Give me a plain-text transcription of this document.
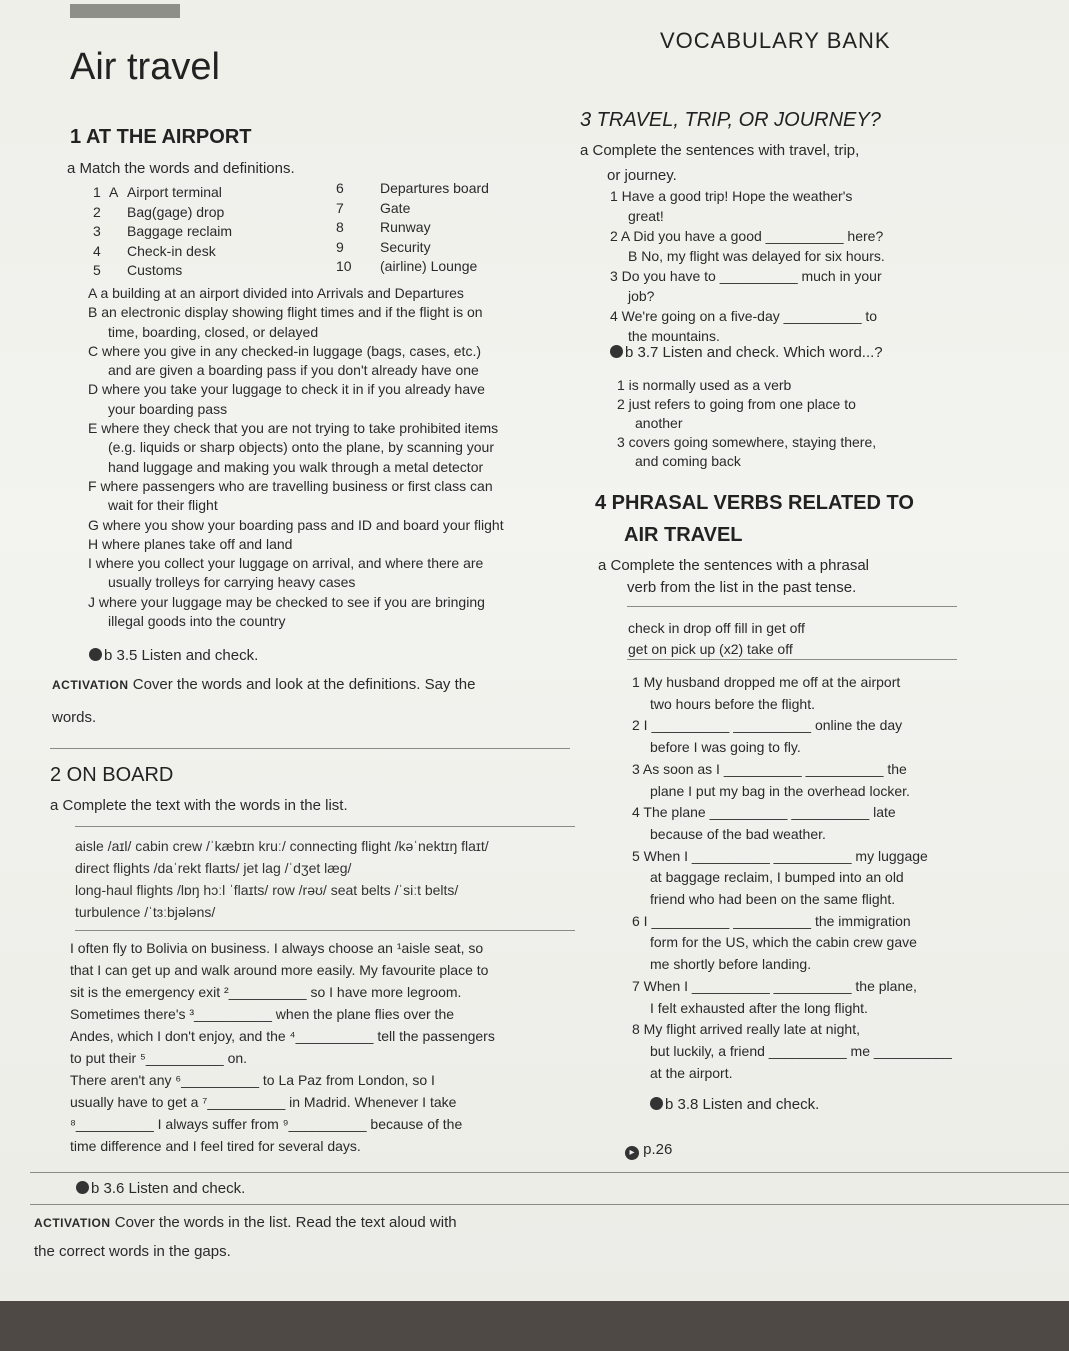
VOCABULARY BANK
Air travel
1 AT THE AIRPORT
a Match the words and definitions.
1 A Airport terminal
2 Bag(gage) drop
3 Baggage reclaim
4 Check-in desk
5 Customs
6	Departures board
7	Gate
8	Runway
9	Security
10 (airline) Lounge
A a building at an airport divided into Arrivals and Departures
B an electronic display showing flight times and if the flight is on
time, boarding, closed, or delayed
C where you give in any checked-in luggage (bags, cases, etc.)
and are given a boarding pass if you don't already have one
D where you take your luggage to check it in if you already have
your boarding pass
E where they check that you are not trying to take prohibited items
(e.g. liquids or sharp objects) onto the plane, by scanning your
hand luggage and making you walk through a metal detector
F where passengers who are travelling business or first class can
wait for their flight
G where you show your boarding pass and ID and board your flight
H where planes take off and land
I where you collect your luggage on arrival, and where there are
usually trolleys for carrying heavy cases
J where your luggage may be checked to see if you are bringing
illegal goods into the country
b 3.5 Listen and check.
ACTIVATION Cover the words and look at the definitions. Say the
words.
2 ON BOARD
a Complete the text with the words in the list.
aisle /aɪl/ cabin crew /ˈkæbɪn kruː/ connecting flight /kəˈnektɪŋ flaɪt/
direct flights /daˈrekt flaɪts/ jet lag /ˈdʒet læg/
long-haul flights /lɒŋ hɔːl ˈflaɪts/ row /rəʊ/ seat belts /ˈsiːt belts/
turbulence /ˈtɜːbjələns/
I often fly to Bolivia on business. I always choose an ¹aisle seat, so
that I can get up and walk around more easily. My favourite place to
sit is the emergency exit ²__________ so I have more legroom.
Sometimes there's ³__________ when the plane flies over the
Andes, which I don't enjoy, and the ⁴__________ tell the passengers
to put their ⁵__________ on.
There aren't any ⁶__________ to La Paz from London, so I
usually have to get a ⁷__________ in Madrid. Whenever I take
⁸__________ I always suffer from ⁹__________ because of the
time difference and I feel tired for several days.
b 3.6 Listen and check.
ACTIVATION Cover the words in the list. Read the text aloud with
the correct words in the gaps.
3 TRAVEL, TRIP, OR JOURNEY?
a Complete the sentences with travel, trip,
or journey.
1 Have a good trip! Hope the weather's
great!
2 A Did you have a good __________ here?
B No, my flight was delayed for six hours.
3 Do you have to __________ much in your
job?
4 We're going on a five-day __________ to
the mountains.
b 3.7 Listen and check. Which word...?
1 is normally used as a verb
2 just refers to going from one place to
another
3 covers going somewhere, staying there,
and coming back
4 PHRASAL VERBS RELATED TO
AIR TRAVEL
a Complete the sentences with a phrasal
verb from the list in the past tense.
check in drop off fill in get off
get on pick up (x2) take off
1 My husband dropped me off at the airport
two hours before the flight.
2 I __________ __________ online the day
before I was going to fly.
3 As soon as I __________ __________ the
plane I put my bag in the overhead locker.
4 The plane __________ __________ late
because of the bad weather.
5 When I __________ __________ my luggage
at baggage reclaim, I bumped into an old
friend who had been on the same flight.
6 I __________ __________ the immigration
form for the US, which the cabin crew gave
me shortly before landing.
7 When I __________ __________ the plane,
I felt exhausted after the long flight.
8 My flight arrived really late at night,
but luckily, a friend __________ me __________
at the airport.
b 3.8 Listen and check.
▸ p.26
